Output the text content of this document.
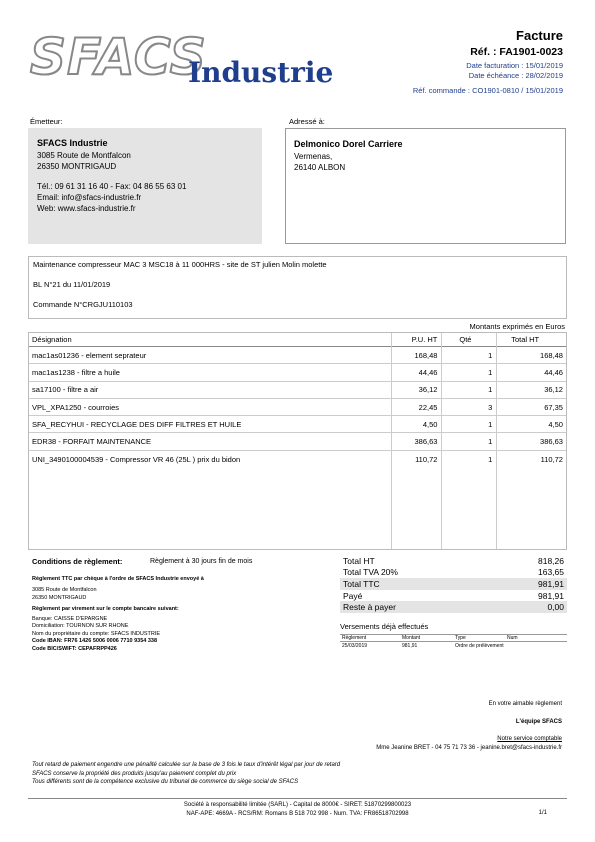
SFACS
Industrie
Facture
Réf. : FA1901-0023
Date facturation : 15/01/2019
Date échéance : 28/02/2019
Réf. commande : CO1901-0810 / 15/01/2019
Émetteur:
SFACS Industrie
3085 Route de Montfalcon
26350 MONTRIGAUD
Tél.: 09 61 31 16 40 - Fax: 04 86 55 63 01
Email: info@sfacs-industrie.fr
Web: www.sfacs-industrie.fr
Adressé à:
Delmonico Dorel Carriere
Vermenas,
26140 ALBON
Maintenance compresseur MAC 3 MSC18 à 11 000HRS - site de ST julien Molin molette
BL N°21 du 11/01/2019
Commande N°CRGJU110103
Montants exprimés en Euros
Désignation	P.U. HT	Qté	Total HT
mac1as01236 - element seprateur	168,48	1	168,48
mac1as1238 - filtre a huile	44,46	1	44,46
sa17100 - filtre a air	36,12	1	36,12
VPL_XPA1250 - courroies	22,45	3	67,35
SFA_RECYHUI - RECYCLAGE DES DIFF FILTRES ET HUILE	4,50	1	4,50
EDR38 - FORFAIT MAINTENANCE	386,63	1	386,63
UNI_3490100004539 - Compressor VR 46 (25L ) prix du bidon	110,72	1	110,72
Conditions de règlement:	Règlement à 30 jours fin de mois
Règlement TTC par chèque à l'ordre de SFACS Industrie envoyé à
3085 Route de Montfalcon
26350 MONTRIGAUD
Règlement par virement sur le compte bancaire suivant:
Banque: CAISSE D'EPARGNE
Domiciliation: TOURNON SUR RHONE
Nom du propriétaire du compte: SFACS INDUSTRIE
Code IBAN: FR76 1426 5006 0006 7710 9354 338
Code BIC/SWIFT: CEPAFRPP426
Total HT	818,26
Total TVA 20%	163,65
Total TTC	981,91
Payé	981,91
Reste à payer	0,00
Versements déjà effectués
Règlement	Montant	Type	Num
25/03/2019	981,91	Ordre de prélèvement
En votre aimable règlement
L'équipe SFACS
Notre service comptable
Mme Jeanine BRET - 04 75 71 73 36 - jeanine.bret@sfacs-industrie.fr
Tout retard de paiement engendre une pénalité calculée sur la base de 3 fois le taux d'intérêt légal par jour de retard
SFACS conserve la propriété des produits jusqu'au paiement complet du prix
Tous différents sont de la compétence exclusive du tribunal de commerce du siège social de SFACS
Société à responsabilité limitée (SARL) - Capital de 8000€ - SIRET: 51870299800023
NAF-APE: 4669A - RCS/RM: Romans B 518 702 998 - Num. TVA: FR86518702998	1/1
